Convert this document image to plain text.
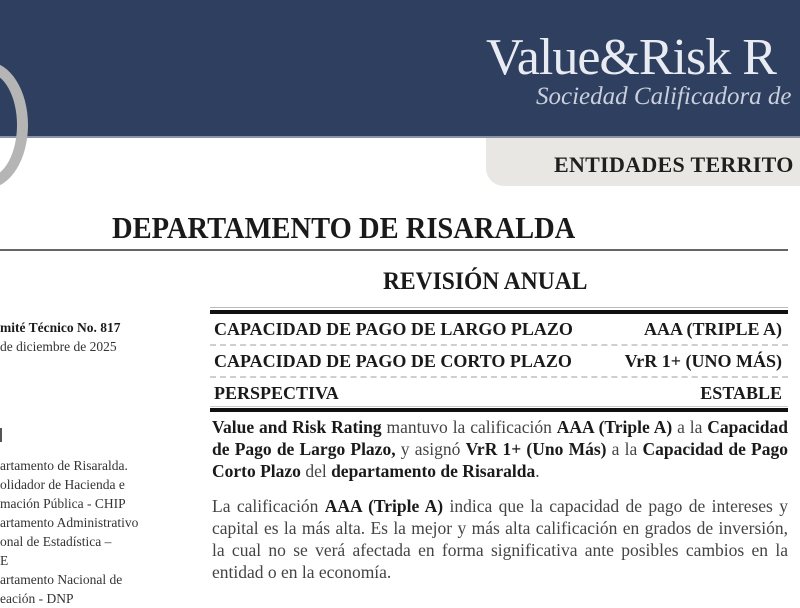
Value&Risk R
Sociedad Calificadora de
ENTIDADES TERRITO
DEPARTAMENTO DE RISARALDA
REVISIÓN ANUAL
CAPACIDAD DE PAGO DE LARGO PLAZO	AAA (TRIPLE A)
CAPACIDAD DE PAGO DE CORTO PLAZO	VrR 1+ (UNO MÁS)
PERSPECTIVA	ESTABLE
Value and Risk Rating mantuvo la calificación AAA (Triple A) a la Capacidad de Pago de Largo Plazo, y asignó VrR 1+ (Uno Más) a la Capacidad de Pago Corto Plazo del departamento de Risaralda.
La calificación AAA (Triple A) indica que la capacidad de pago de intereses y capital es la más alta. Es la mejor y más alta calificación en grados de inversión, la cual no se verá afectada en forma significativa ante posibles cambios en la entidad o en la economía.
mité Técnico No. 817
de diciembre de 2025
artamento de Risaralda.
olidador de Hacienda e
mación Pública - CHIP
artamento Administrativo
onal de Estadística –
E
artamento Nacional de
eación - DNP
